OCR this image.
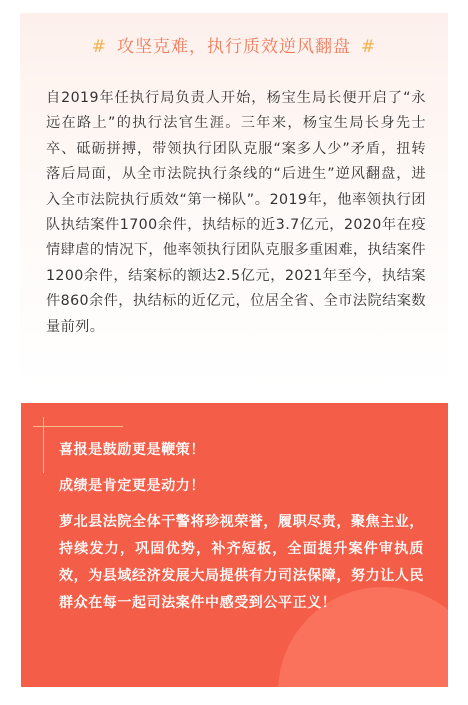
# 攻坚克难，执行质效逆风翻盘 #
自2019年任执行局负责人开始，杨宝生局长便开启了“永远在路上”的执行法官生涯。三年来，杨宝生局长身先士卒、砥砺拼搏，带领执行团队克服“案多人少”矛盾，扭转落后局面，从全市法院执行条线的“后进生”逆风翻盘，进入全市法院执行质效“第一梯队”。2019年，他率领执行团队执结案件1700余件，执结标的近3.7亿元，2020年在疫情肆虐的情况下，他率领执行团队克服多重困难，执结案件1200余件，结案标的额达2.5亿元，2021年至今，执结案件860余件，执结标的近亿元，位居全省、全市法院结案数量前列。

喜报是鼓励更是鞭策！

成绩是肯定更是动力！

萝北县法院全体干警将珍视荣誉，履职尽责，聚焦主业，持续发力，巩固优势，补齐短板，全面提升案件审执质效，为县域经济发展大局提供有力司法保障，努力让人民群众在每一起司法案件中感受到公平正义！
